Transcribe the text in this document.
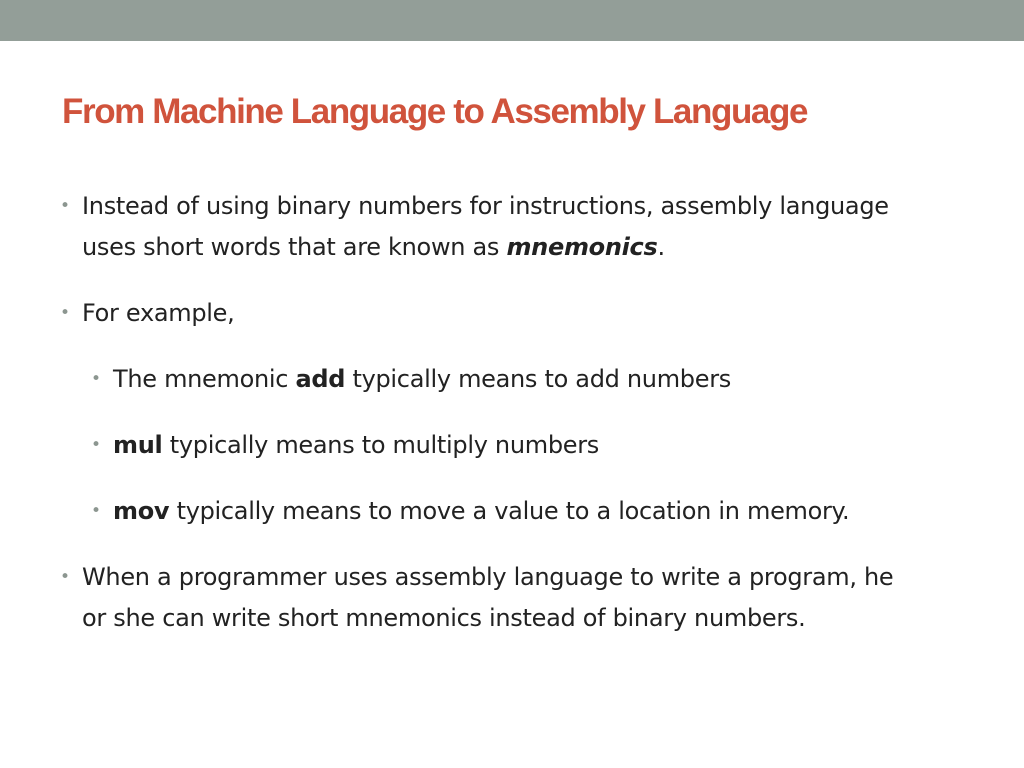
From Machine Language to Assembly Language

• Instead of using binary numbers for instructions, assembly language uses short words that are known as mnemonics.

• For example,

• The mnemonic add typically means to add numbers

• mul typically means to multiply numbers

• mov typically means to move a value to a location in memory.

• When a programmer uses assembly language to write a program, he or she can write short mnemonics instead of binary numbers.
